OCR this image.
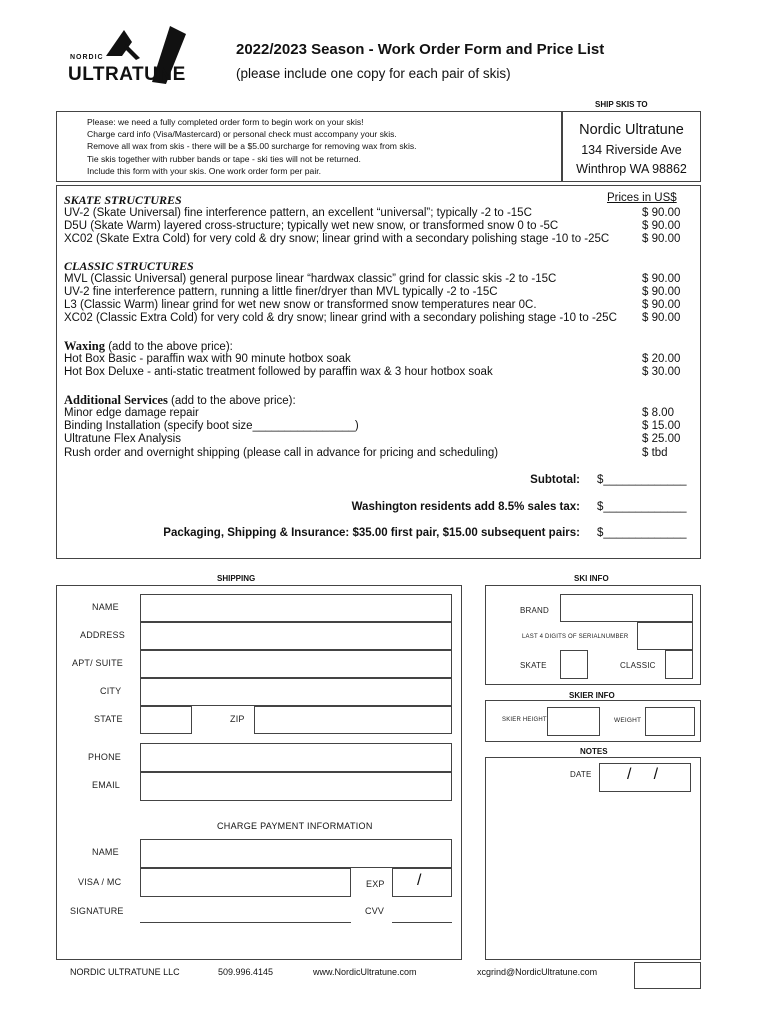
NORDIC
ULTRATUNE
2022/2023 Season - Work Order Form and Price List
(please include one copy for each pair of skis)
SHIP SKIS TO
Please: we need a fully completed order form to begin work on your skis!
Charge card info (Visa/Mastercard) or personal check must accompany your skis.
Remove all wax from skis - there will be a $5.00 surcharge for removing wax from skis.
Tie skis together with rubber bands or tape - ski ties will not be returned.
Include this form with your skis. One work order form per pair.
Nordic Ultratune
134 Riverside Ave
Winthrop WA 98862
Prices in US$
SKATE STRUCTURES
UV-2 (Skate Universal) fine interference pattern, an excellent “universal”; typically -2 to -15C	$ 90.00
D5U (Skate Warm) layered cross-structure; typically wet new snow, or transformed snow 0 to -5C	$ 90.00
XC02 (Skate Extra Cold) for very cold & dry snow; linear grind with a secondary polishing stage -10 to -25C	$ 90.00
CLASSIC STRUCTURES
MVL (Classic Universal) general purpose linear “hardwax classic” grind for classic skis -2 to -15C	$ 90.00
UV-2 fine interference pattern, running a little finer/dryer than MVL typically -2 to -15C	$ 90.00
L3 (Classic Warm) linear grind for wet new snow or transformed snow temperatures near 0C.	$ 90.00
XC02 (Classic Extra Cold) for very cold & dry snow; linear grind with a secondary polishing stage -10 to -25C $ 90.00
Waxing (add to the above price):
Hot Box Basic - paraffin wax with 90 minute hotbox soak	$ 20.00
Hot Box Deluxe - anti-static treatment followed by paraffin wax & 3 hour hotbox soak	$ 30.00
Additional Services (add to the above price):
Minor edge damage repair	$ 8.00
Binding Installation (specify boot size________________)	$ 15.00
Ultratune Flex Analysis	$ 25.00
Rush order and overnight shipping (please call in advance for pricing and scheduling)	$ tbd
Subtotal: $_____________
Washington residents add 8.5% sales tax: $_____________
Packaging, Shipping & Insurance: $35.00 first pair, $15.00 subsequent pairs: $_____________
SHIPPING
NAME
ADDRESS
APT/ SUITE
CITY
STATE	ZIP
PHONE
EMAIL
CHARGE PAYMENT INFORMATION
NAME
VISA / MC	EXP /
SIGNATURE	CVV
SKI INFO
BRAND
LAST 4 DIGITS OF SERIALNUMBER
SKATE	CLASSIC
SKIER INFO
SKIER HEIGHT	WEIGHT
NOTES
DATE /     /
NORDIC ULTRATUNE LLC	509.996.4145	www.NordicUltratune.com	xcgrind@NordicUltratune.com
